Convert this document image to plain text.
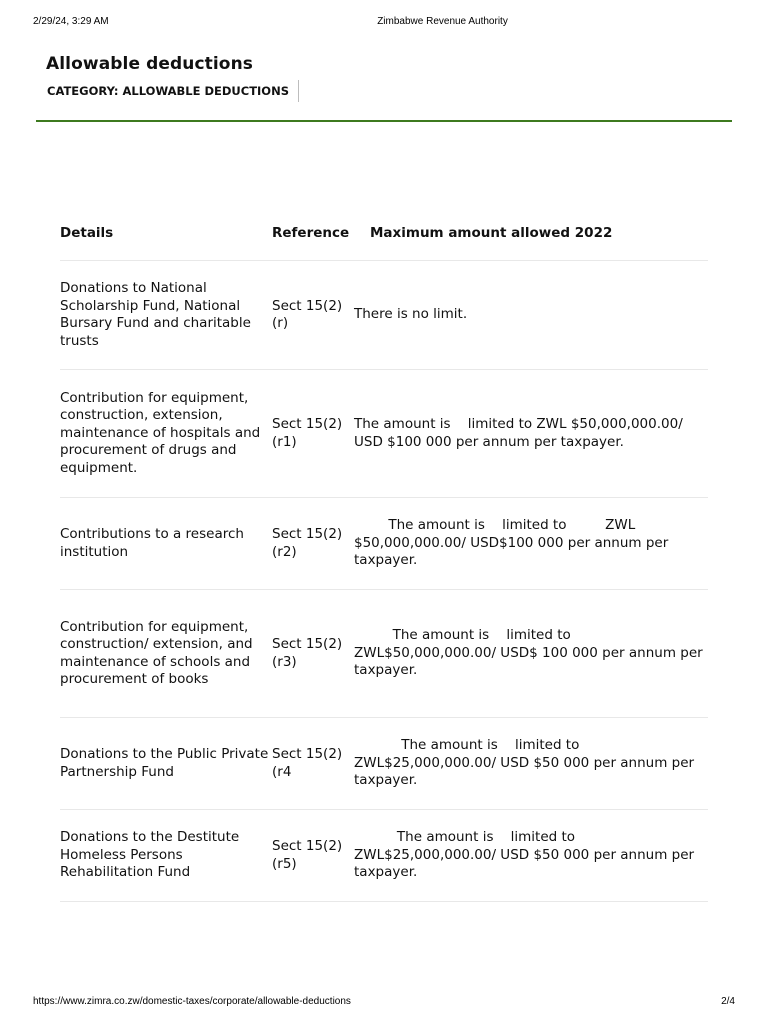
2/29/24, 3:29 AM	Zimbabwe Revenue Authority
Allowable deductions
CATEGORY: ALLOWABLE DEDUCTIONS
Details	Reference	Maximum amount allowed 2022
Donations to National Scholarship Fund, National Bursary Fund and charitable trusts	Sect 15(2)(r)	There is no limit.
Contribution for equipment, construction, extension, maintenance of hospitals and procurement of drugs and equipment.	Sect 15(2)(r1)	The amount is    limited to ZWL $50,000,000.00/ USD $100 000 per annum per taxpayer.
Contributions to a research institution	Sect 15(2)(r2)	The amount is    limited to         ZWL $50,000,000.00/ USD$100 000 per annum per taxpayer.
Contribution for equipment, construction/ extension, and maintenance of schools and procurement of books	Sect 15(2)(r3)	The amount is    limited to ZWL$50,000,000.00/ USD$ 100 000 per annum per taxpayer.
Donations to the Public Private Partnership Fund	Sect 15(2)(r4	The amount is    limited to ZWL$25,000,000.00/ USD $50 000 per annum per taxpayer.
Donations to the Destitute Homeless Persons Rehabilitation Fund	Sect 15(2)(r5)	The amount is    limited to ZWL$25,000,000.00/ USD $50 000 per annum per taxpayer.
https://www.zimra.co.zw/domestic-taxes/corporate/allowable-deductions	2/4
